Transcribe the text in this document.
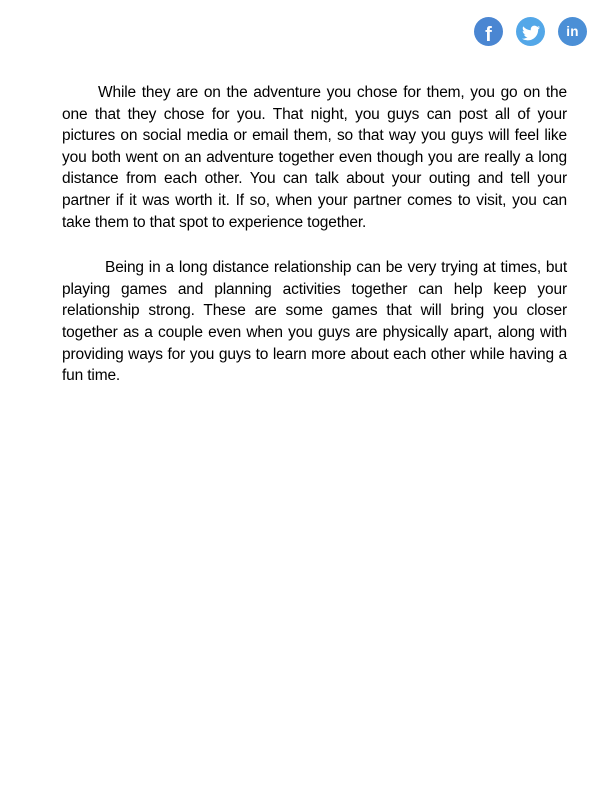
f	in

While they are on the adventure you chose for them, you go on the one that they chose for you. That night, you guys can post all of your pictures on social media or email them, so that way you guys will feel like you both went on an adventure together even though you are really a long distance from each other. You can talk about your outing and tell your partner if it was worth it. If so, when your partner comes to visit, you can take them to that spot to experience together.

Being in a long distance relationship can be very trying at times, but playing games and planning activities together can help keep your relationship strong. These are some games that will bring you closer together as a couple even when you guys are physically apart, along with providing ways for you guys to learn more about each other while having a fun time.
